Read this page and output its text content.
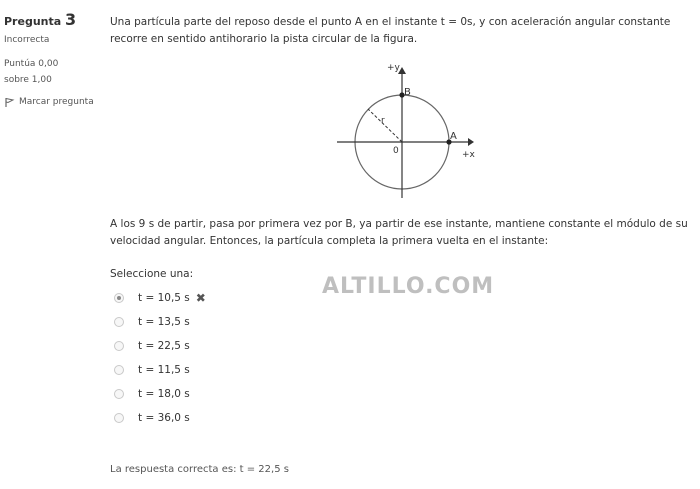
Pregunta 3
Incorrecta
Puntúa 0,00 sobre 1,00
Marcar pregunta

Una partícula parte del reposo desde el punto A en el instante t = 0s, y con aceleración angular constante recorre en sentido antihorario la pista circular de la figura.

+y
+x
0
A
B
r

A los 9 s de partir, pasa por primera vez por B, ya partir de ese instante, mantiene constante el módulo de su velocidad angular. Entonces, la partícula completa la primera vuelta en el instante:

Seleccione una:
t = 10,5 s ✖
t = 13,5 s
t = 22,5 s
t = 11,5 s
t = 18,0 s
t = 36,0 s
ALTILLO.COM
La respuesta correcta es: t = 22,5 s
